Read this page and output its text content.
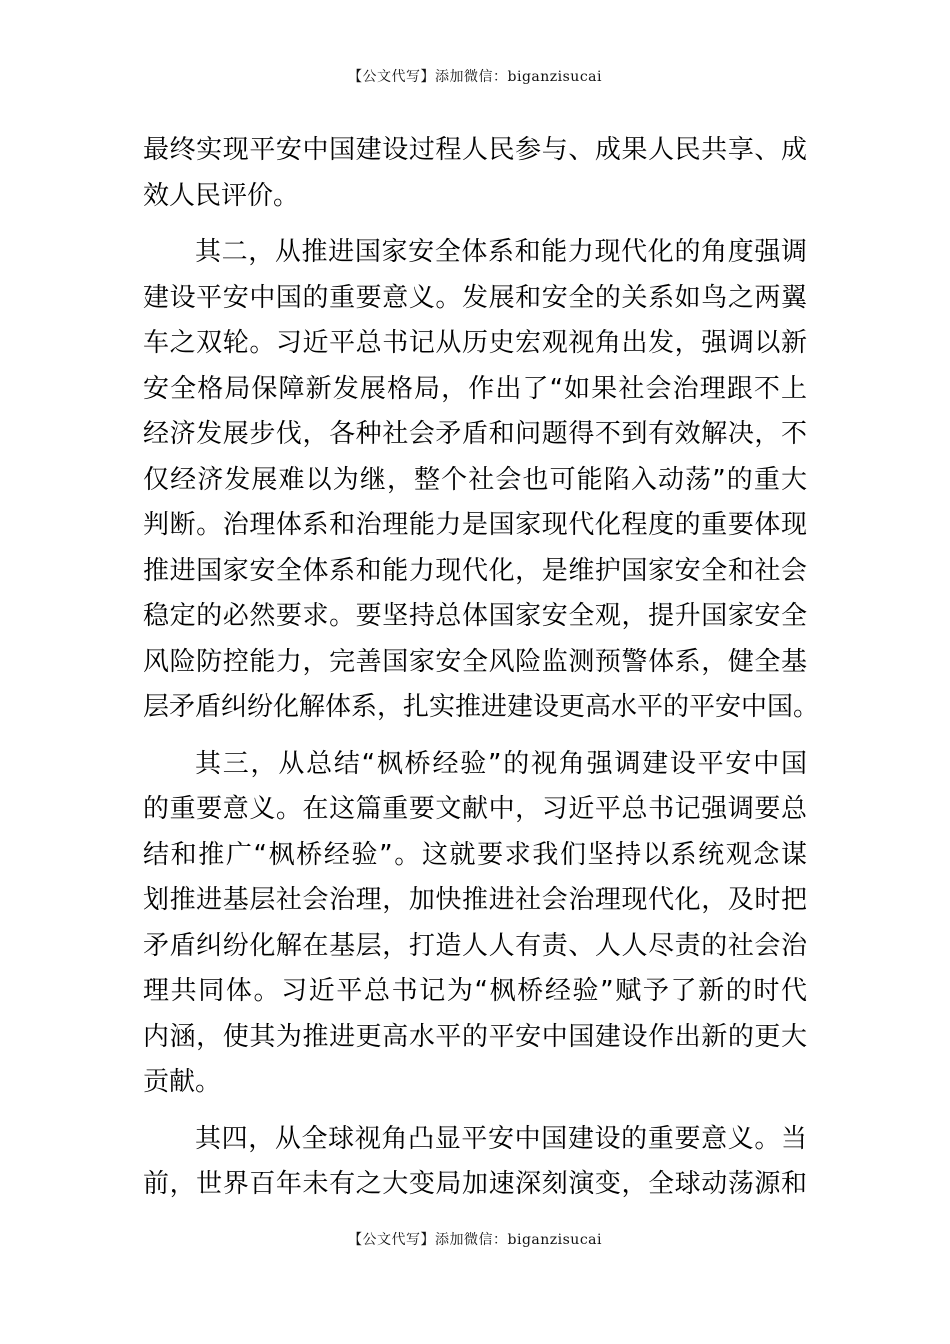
【公文代写】添加微信：biganzisucai
最终实现平安中国建设过程人民参与、成果人民共享、成
效人民评价。
其二，从推进国家安全体系和能力现代化的角度强调
建设平安中国的重要意义。发展和安全的关系如鸟之两翼
车之双轮。习近平总书记从历史宏观视角出发，强调以新
安全格局保障新发展格局，作出了“如果社会治理跟不上
经济发展步伐，各种社会矛盾和问题得不到有效解决，不
仅经济发展难以为继，整个社会也可能陷入动荡”的重大
判断。治理体系和治理能力是国家现代化程度的重要体现
推进国家安全体系和能力现代化，是维护国家安全和社会
稳定的必然要求。要坚持总体国家安全观，提升国家安全
风险防控能力，完善国家安全风险监测预警体系，健全基
层矛盾纠纷化解体系，扎实推进建设更高水平的平安中国。
其三，从总结“枫桥经验”的视角强调建设平安中国
的重要意义。在这篇重要文献中，习近平总书记强调要总
结和推广“枫桥经验”。这就要求我们坚持以系统观念谋
划推进基层社会治理，加快推进社会治理现代化，及时把
矛盾纠纷化解在基层，打造人人有责、人人尽责的社会治
理共同体。习近平总书记为“枫桥经验”赋予了新的时代
内涵，使其为推进更高水平的平安中国建设作出新的更大
贡献。
其四，从全球视角凸显平安中国建设的重要意义。当
前，世界百年未有之大变局加速深刻演变，全球动荡源和
【公文代写】添加微信：biganzisucai
